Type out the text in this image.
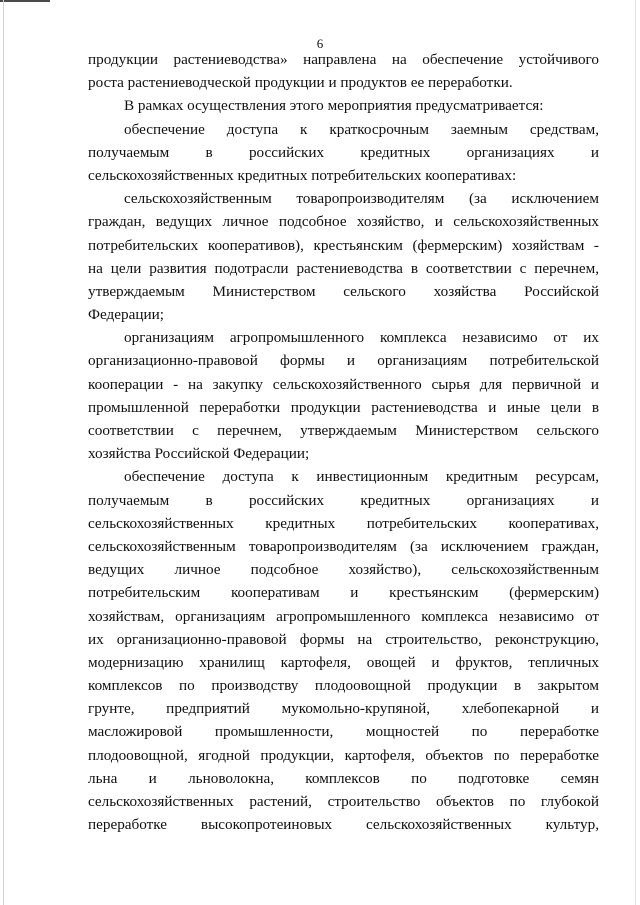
6
продукции растениеводства» направлена на обеспечение устойчивого
роста растениеводческой продукции и продуктов ее переработки.
В рамках осуществления этого мероприятия предусматривается:
обеспечение доступа к краткосрочным заемным средствам,
получаемым в российских кредитных организациях и
сельскохозяйственных кредитных потребительских кооперативах:
сельскохозяйственным товаропроизводителям (за исключением
граждан, ведущих личное подсобное хозяйство, и сельскохозяйственных
потребительских кооперативов), крестьянским (фермерским) хозяйствам -
на цели развития подотрасли растениеводства в соответствии с перечнем,
утверждаемым Министерством сельского хозяйства Российской
Федерации;
организациям агропромышленного комплекса независимо от их
организационно-правовой формы и организациям потребительской
кооперации - на закупку сельскохозяйственного сырья для первичной и
промышленной переработки продукции растениеводства и иные цели в
соответствии с перечнем, утверждаемым Министерством сельского
хозяйства Российской Федерации;
обеспечение доступа к инвестиционным кредитным ресурсам,
получаемым в российских кредитных организациях и
сельскохозяйственных кредитных потребительских кооперативах,
сельскохозяйственным товаропроизводителям (за исключением граждан,
ведущих личное подсобное хозяйство), сельскохозяйственным
потребительским кооперативам и крестьянским (фермерским)
хозяйствам, организациям агропромышленного комплекса независимо от
их организационно-правовой формы на строительство, реконструкцию,
модернизацию хранилищ картофеля, овощей и фруктов, тепличных
комплексов по производству плодоовощной продукции в закрытом
грунте, предприятий мукомольно-крупяной, хлебопекарной и
масложировой промышленности, мощностей по переработке
плодоовощной, ягодной продукции, картофеля, объектов по переработке
льна и льноволокна, комплексов по подготовке семян
сельскохозяйственных растений, строительство объектов по глубокой
переработке высокопротеиновых сельскохозяйственных культур,
